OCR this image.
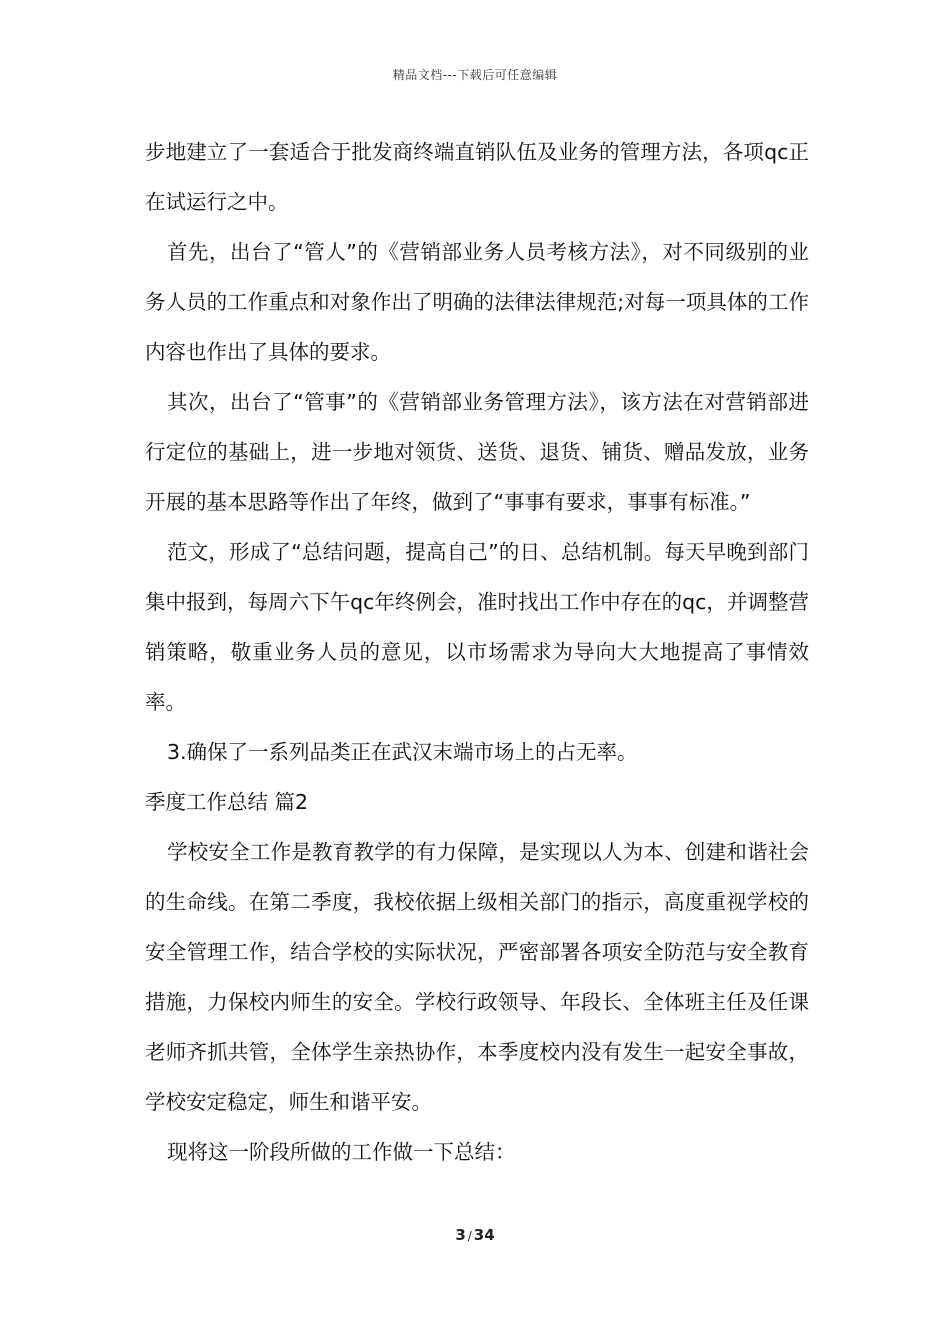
精品文档---下载后可任意编辑

步地建立了一套适合于批发商终端直销队伍及业务的管理方法，各项qc正在试运行之中。

首先，出台了“管人”的《营销部业务人员考核方法》，对不同级别的业务人员的工作重点和对象作出了明确的法律法律规范;对每一项具体的工作内容也作出了具体的要求。

其次，出台了“管事”的《营销部业务管理方法》，该方法在对营销部进行定位的基础上，进一步地对领货、送货、退货、铺货、赠品发放，业务开展的基本思路等作出了年终，做到了“事事有要求，事事有标准。”

范文，形成了“总结问题，提高自己”的日、总结机制。每天早晚到部门集中报到，每周六下午qc年终例会，准时找出工作中存在的qc，并调整营销策略，敬重业务人员的意见，以市场需求为导向大大地提高了事情效率。

3.确保了一系列品类正在武汉末端市场上的占无率。

季度工作总结 篇2

学校安全工作是教育教学的有力保障，是实现以人为本、创建和谐社会的生命线。在第二季度，我校依据上级相关部门的指示，高度重视学校的安全管理工作，结合学校的实际状况，严密部署各项安全防范与安全教育措施，力保校内师生的安全。学校行政领导、年段长、全体班主任及任课老师齐抓共管，全体学生亲热协作，本季度校内没有发生一起安全事故，学校安定稳定，师生和谐平安。

现将这一阶段所做的工作做一下总结：

3 / 34
